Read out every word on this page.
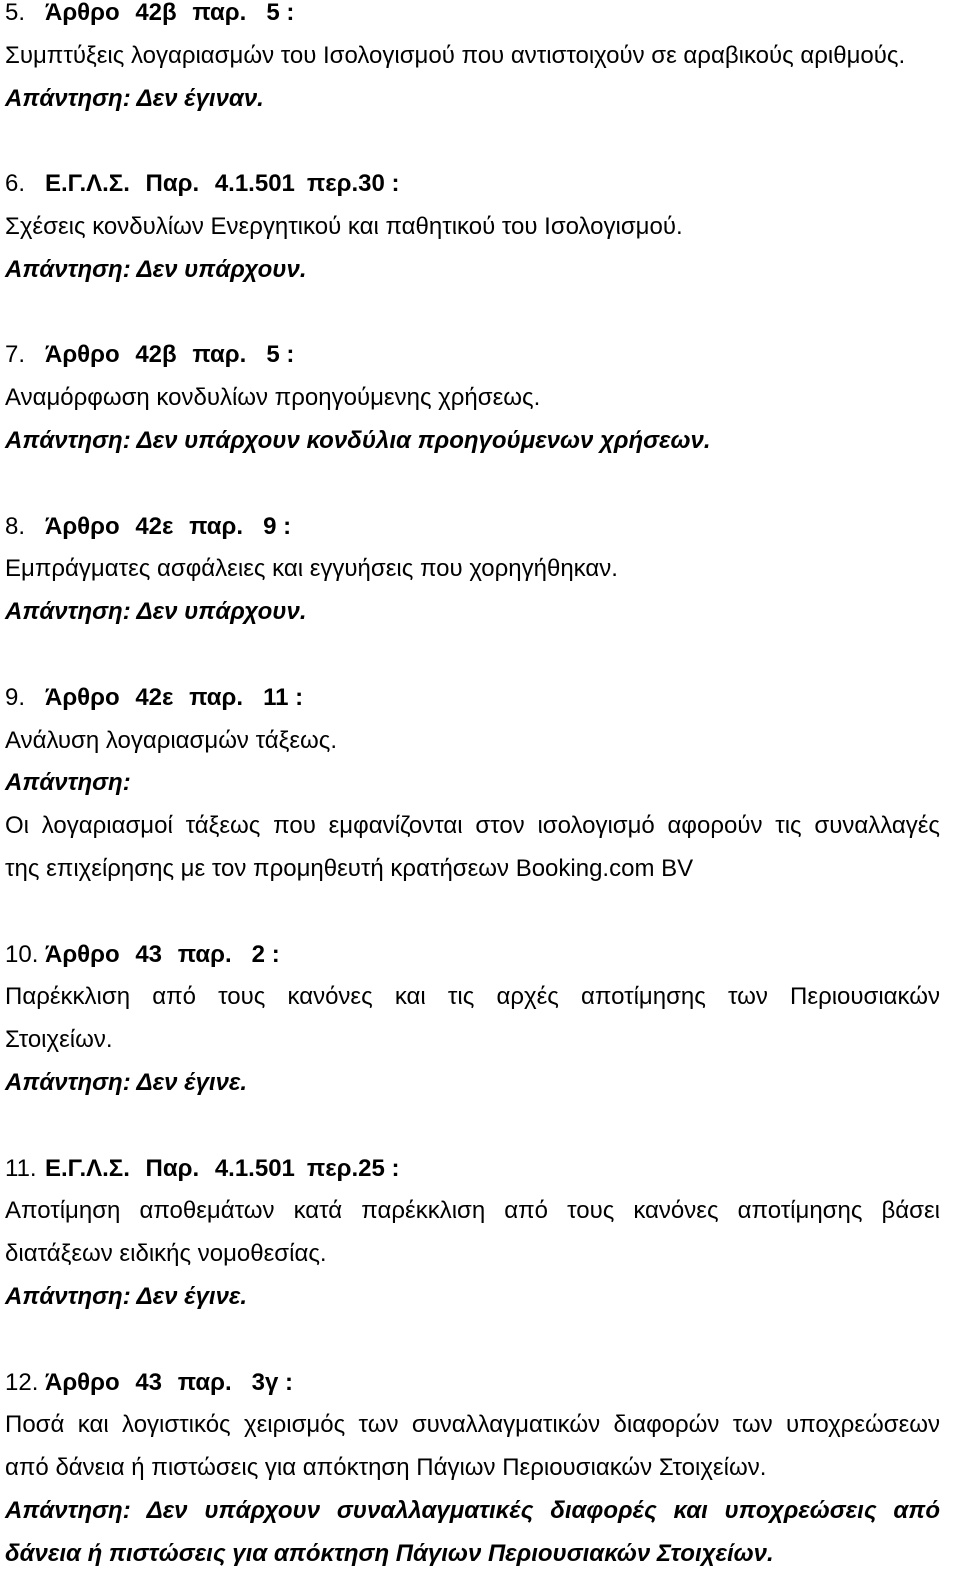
5. Άρθρο 42β παρ. 5 :
Συμπτύξεις λογαριασμών του Ισολογισμού που αντιστοιχούν σε αραβικούς αριθμούς.
Απάντηση: Δεν έγιναν.
6. Ε.Γ.Λ.Σ. Παρ. 4.1.501 περ.30 :
Σχέσεις κονδυλίων Ενεργητικού και παθητικού του Ισολογισμού.
Απάντηση: Δεν υπάρχουν.
7. Άρθρο 42β παρ. 5 :
Αναμόρφωση κονδυλίων προηγούμενης χρήσεως.
Απάντηση: Δεν υπάρχουν κονδύλια προηγούμενων χρήσεων.
8. Άρθρο 42ε παρ. 9 :
Εμπράγματες ασφάλειες και εγγυήσεις που χορηγήθηκαν.
Απάντηση: Δεν υπάρχουν.
9. Άρθρο 42ε παρ. 11 :
Ανάλυση λογαριασμών τάξεως.
Απάντηση:
Οι λογαριασμοί τάξεως που εμφανίζονται στον ισολογισμό αφορούν τις συναλλαγές
της επιχείρησης με τον προμηθευτή κρατήσεων Booking.com BV
10. Άρθρο 43 παρ. 2 :
Παρέκκλιση από τους κανόνες και τις αρχές αποτίμησης των Περιουσιακών
Στοιχείων.
Απάντηση: Δεν έγινε.
11. Ε.Γ.Λ.Σ. Παρ. 4.1.501 περ.25 :
Αποτίμηση αποθεμάτων κατά παρέκκλιση από τους κανόνες αποτίμησης βάσει
διατάξεων ειδικής νομοθεσίας.
Απάντηση: Δεν έγινε.
12. Άρθρο 43 παρ. 3γ :
Ποσά και λογιστικός χειρισμός των συναλλαγματικών διαφορών των υποχρεώσεων
από δάνεια ή πιστώσεις για απόκτηση Πάγιων Περιουσιακών Στοιχείων.
Απάντηση: Δεν υπάρχουν συναλλαγματικές διαφορές και υποχρεώσεις από
δάνεια ή πιστώσεις για απόκτηση Πάγιων Περιουσιακών Στοιχείων.
